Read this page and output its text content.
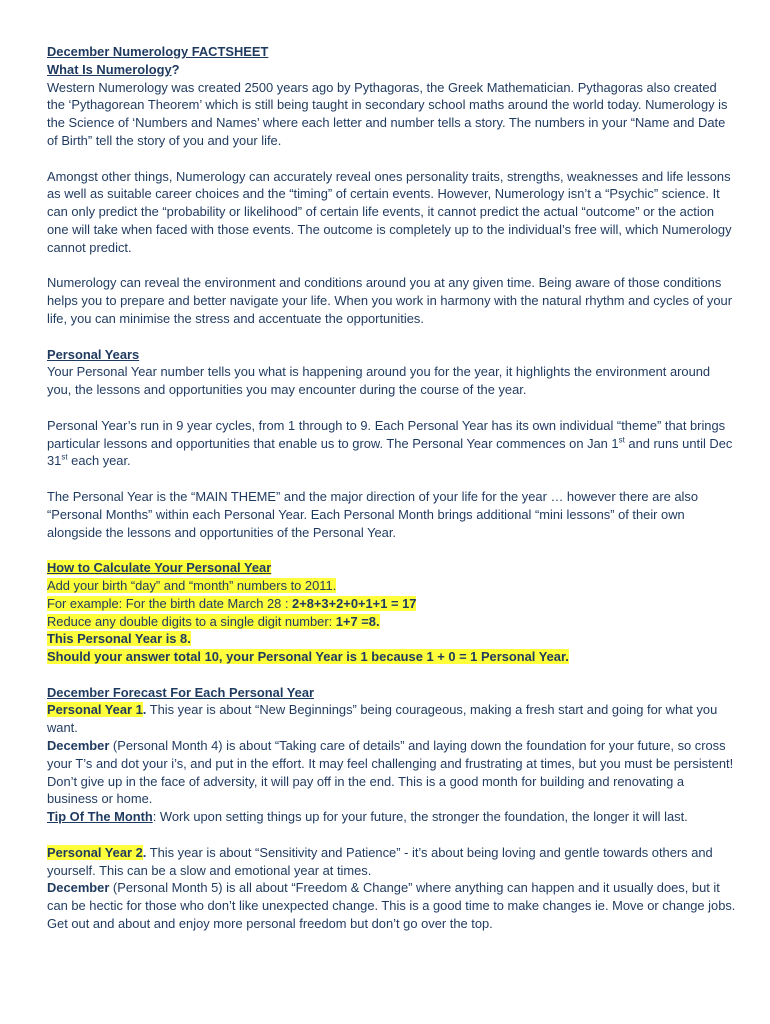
December Numerology FACTSHEET

What Is Numerology?

Western Numerology was created 2500 years ago by Pythagoras, the Greek Mathematician. Pythagoras also created the ‘Pythagorean Theorem’ which is still being taught in secondary school maths around the world today. Numerology is the Science of ‘Numbers and Names’ where each letter and number tells a story. The numbers in your “Name and Date of Birth” tell the story of you and your life.

Amongst other things, Numerology can accurately reveal ones personality traits, strengths, weaknesses and life lessons as well as suitable career choices and the “timing” of certain events. However, Numerology isn’t a “Psychic” science. It can only predict the “probability or likelihood” of certain life events, it cannot predict the actual “outcome” or the action one will take when faced with those events. The outcome is completely up to the individual’s free will, which Numerology cannot predict.

Numerology can reveal the environment and conditions around you at any given time. Being aware of those conditions helps you to prepare and better navigate your life. When you work in harmony with the natural rhythm and cycles of your life, you can minimise the stress and accentuate the opportunities.

Personal Years

Your Personal Year number tells you what is happening around you for the year, it highlights the environment around you, the lessons and opportunities you may encounter during the course of the year.

Personal Year’s run in 9 year cycles, from 1 through to 9. Each Personal Year has its own individual “theme” that brings particular lessons and opportunities that enable us to grow. The Personal Year commences on Jan 1st and runs until Dec 31st each year.

The Personal Year is the “MAIN THEME” and the major direction of your life for the year … however there are also “Personal Months” within each Personal Year. Each Personal Month brings additional “mini lessons” of their own alongside the lessons and opportunities of the Personal Year.

How to Calculate Your Personal Year

Add your birth “day” and “month” numbers to 2011.

For example: For the birth date March 28 : 2+8+3+2+0+1+1 = 17

Reduce any double digits to a single digit number: 1+7 =8.

This Personal Year is 8.

Should your answer total 10, your Personal Year is 1 because 1 + 0 = 1 Personal Year.

December Forecast For Each Personal Year

Personal Year 1. This year is about “New Beginnings” being courageous, making a fresh start and going for what you want.

December (Personal Month 4) is about “Taking care of details” and laying down the foundation for your future, so cross your T’s and dot your i’s, and put in the effort. It may feel challenging and frustrating at times, but you must be persistent! Don’t give up in the face of adversity, it will pay off in the end. This is a good month for building and renovating a business or home.

Tip Of The Month: Work upon setting things up for your future, the stronger the foundation, the longer it will last.

Personal Year 2. This year is about “Sensitivity and Patience” - it’s about being loving and gentle towards others and yourself. This can be a slow and emotional year at times.

December (Personal Month 5) is all about “Freedom & Change” where anything can happen and it usually does, but it can be hectic for those who don’t like unexpected change. This is a good time to make changes ie. Move or change jobs. Get out and about and enjoy more personal freedom but don’t go over the top.
